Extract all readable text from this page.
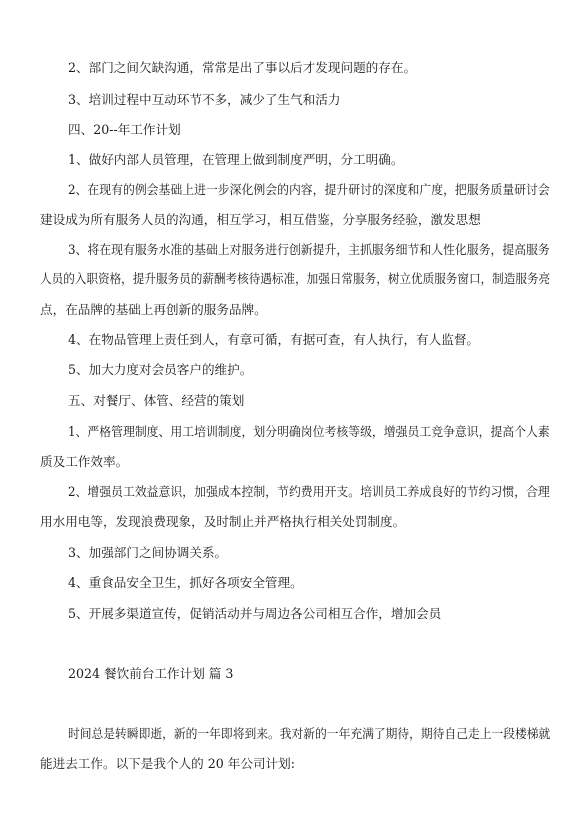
2、部门之间欠缺沟通，常常是出了事以后才发现问题的存在。
3、培训过程中互动环节不多，减少了生气和活力
四、20--年工作计划
1、做好内部人员管理，在管理上做到制度严明，分工明确。
2、在现有的例会基础上进一步深化例会的内容，提升研讨的深度和广度，把服务质量研讨会
建设成为所有服务人员的沟通，相互学习，相互借鉴，分享服务经验，激发思想
3、将在现有服务水准的基础上对服务进行创新提升，主抓服务细节和人性化服务，提高服务
人员的入职资格，提升服务员的薪酬考核待遇标准，加强日常服务，树立优质服务窗口，制造服务亮
点，在品牌的基础上再创新的服务品牌。
4、在物品管理上责任到人，有章可循，有据可查，有人执行，有人监督。
5、加大力度对会员客户的维护。
五、对餐厅、体管、经营的策划
1、严格管理制度、用工培训制度，划分明确岗位考核等级，增强员工竞争意识，提高个人素
质及工作效率。
2、增强员工效益意识，加强成本控制，节约费用开支。培训员工养成良好的节约习惯，合理
用水用电等，发现浪费现象，及时制止并严格执行相关处罚制度。
3、加强部门之间协调关系。
4、重食品安全卫生，抓好各项安全管理。
5、开展多渠道宣传，促销活动并与周边各公司相互合作，增加会员
2024 餐饮前台工作计划 篇 3
时间总是转瞬即逝，新的一年即将到来。我对新的一年充满了期待，期待自己走上一段楼梯就
能进去工作。以下是我个人的 20 年公司计划:
